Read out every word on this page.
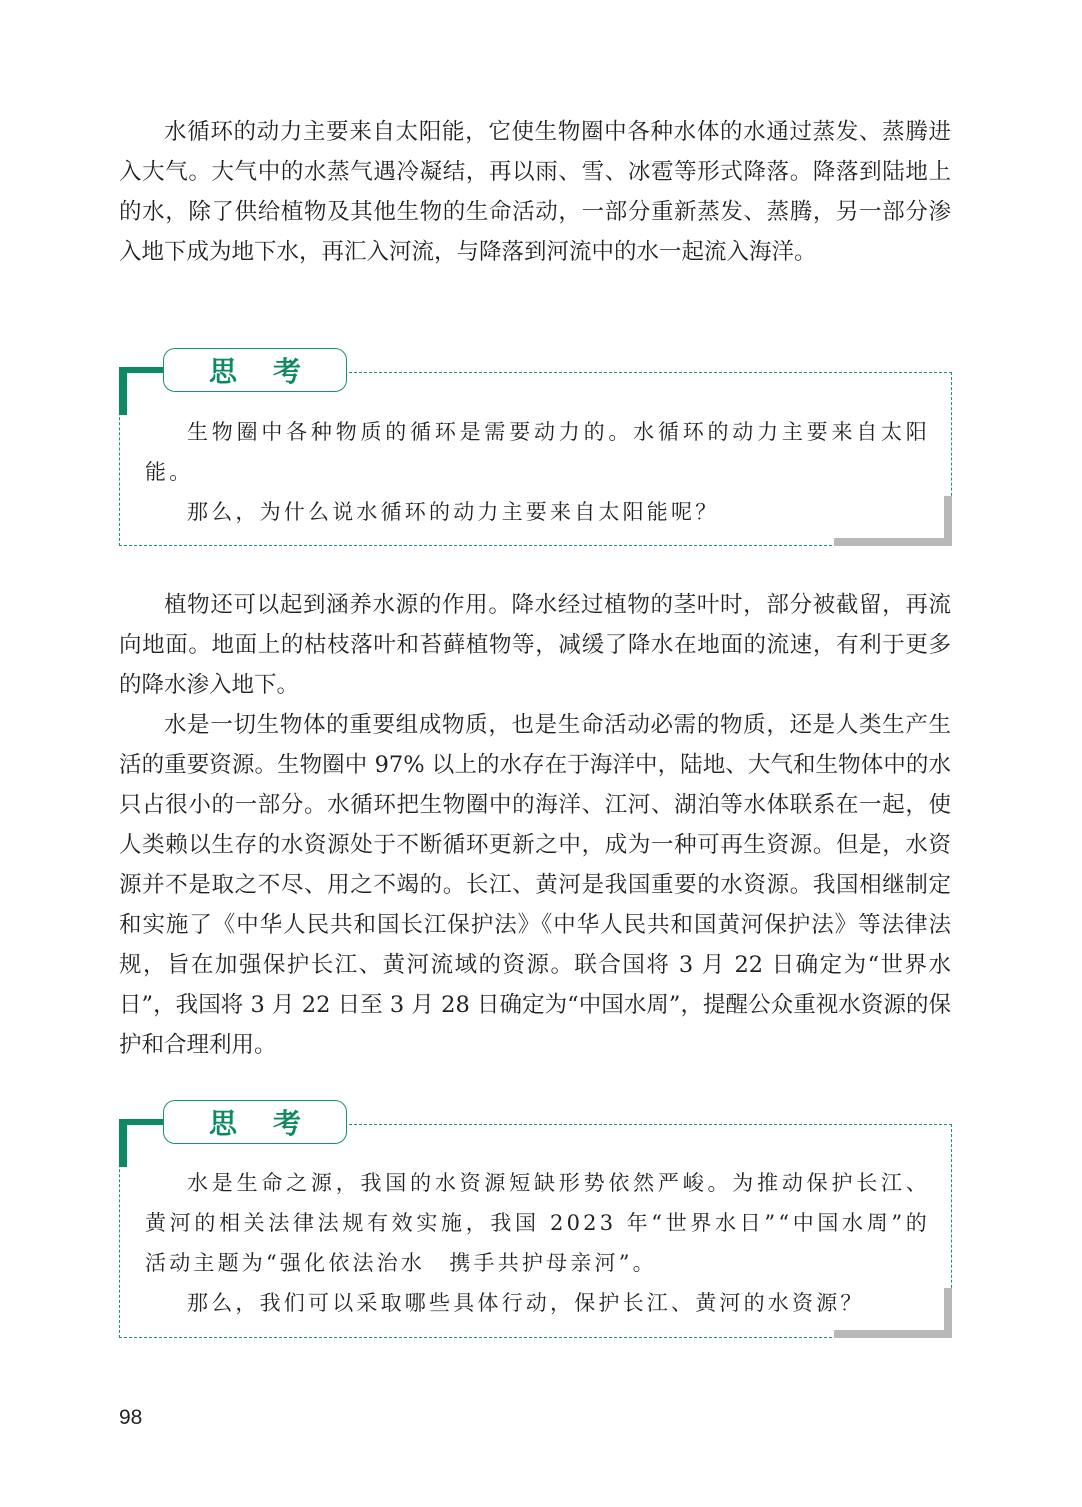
水循环的动力主要来自太阳能，它使生物圈中各种水体的水通过蒸发、蒸腾进入大气。大气中的水蒸气遇冷凝结，再以雨、雪、冰雹等形式降落。降落到陆地上的水，除了供给植物及其他生物的生命活动，一部分重新蒸发、蒸腾，另一部分渗入地下成为地下水，再汇入河流，与降落到河流中的水一起流入海洋。

思考

生物圈中各种物质的循环是需要动力的。水循环的动力主要来自太阳能。

那么，为什么说水循环的动力主要来自太阳能呢？

植物还可以起到涵养水源的作用。降水经过植物的茎叶时，部分被截留，再流向地面。地面上的枯枝落叶和苔藓植物等，减缓了降水在地面的流速，有利于更多的降水渗入地下。

水是一切生物体的重要组成物质，也是生命活动必需的物质，还是人类生产生活的重要资源。生物圈中 97% 以上的水存在于海洋中，陆地、大气和生物体中的水只占很小的一部分。水循环把生物圈中的海洋、江河、湖泊等水体联系在一起，使人类赖以生存的水资源处于不断循环更新之中，成为一种可再生资源。但是，水资源并不是取之不尽、用之不竭的。长江、黄河是我国重要的水资源。我国相继制定和实施了《中华人民共和国长江保护法》《中华人民共和国黄河保护法》等法律法规，旨在加强保护长江、黄河流域的资源。联合国将 3 月 22 日确定为“世界水日”，我国将 3 月 22 日至 3 月 28 日确定为“中国水周”，提醒公众重视水资源的保护和合理利用。

思考

水是生命之源，我国的水资源短缺形势依然严峻。为推动保护长江、黄河的相关法律法规有效实施，我国 2023 年“世界水日”“中国水周”的活动主题为“强化依法治水　携手共护母亲河”。

那么，我们可以采取哪些具体行动，保护长江、黄河的水资源？

98
